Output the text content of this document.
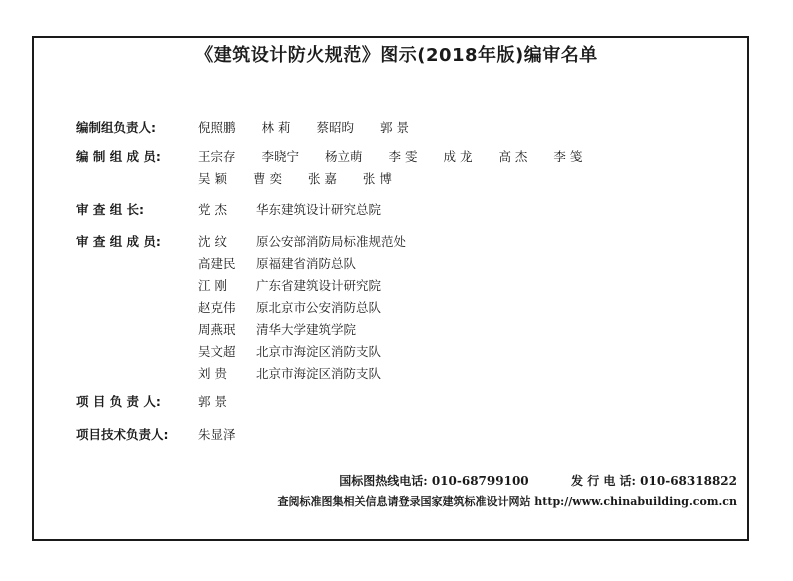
《建筑设计防火规范》图示(2018年版)编审名单
编制组负责人:	倪照鹏 林 莉 蔡昭昀 郭 景
编 制 组 成 员:	王宗存 李晓宁 杨立萌 李 雯 成 龙 高 杰 李 笺
吴 颖 曹 奕 张 嘉 张 博
审 查 组 长:	党 杰 华东建筑设计研究总院
审 查 组 成 员:	沈 纹 原公安部消防局标准规范处
高建民 原福建省消防总队
江 刚 广东省建筑设计研究院
赵克伟 原北京市公安消防总队
周燕珉 清华大学建筑学院
吴文超 北京市海淀区消防支队
刘 贵 北京市海淀区消防支队
项 目 负 责 人:	郭 景
项目技术负责人:	朱显泽
国标图热线电话: 010-68799100	发 行 电 话: 010-68318822
查阅标准图集相关信息请登录国家建筑标准设计网站 http://www.chinabuilding.com.cn
